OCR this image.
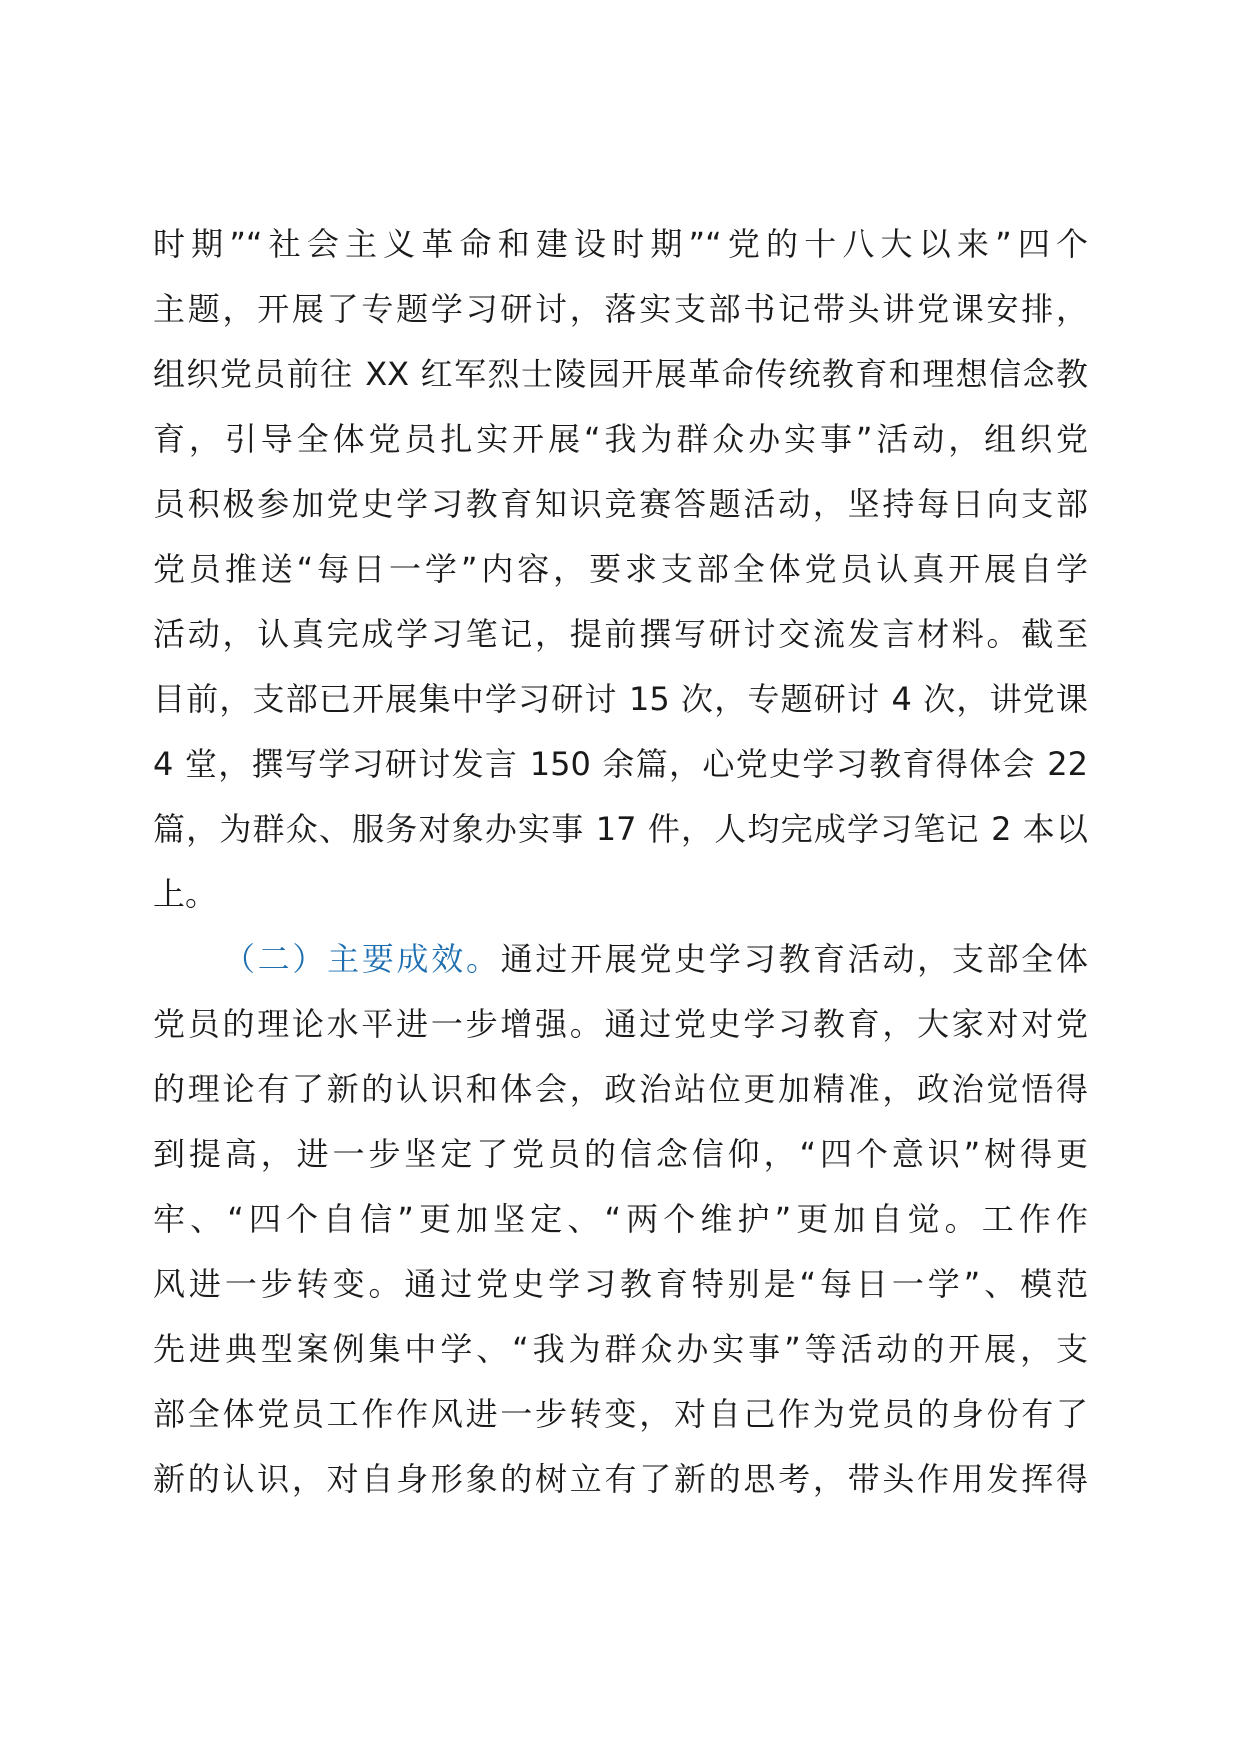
时期”“社会主义革命和建设时期”“党的十八大以来”四个
主题，开展了专题学习研讨，落实支部书记带头讲党课安排，
组织党员前往 XX 红军烈士陵园开展革命传统教育和理想信念教
育，引导全体党员扎实开展“我为群众办实事”活动，组织党
员积极参加党史学习教育知识竞赛答题活动，坚持每日向支部
党员推送“每日一学”内容，要求支部全体党员认真开展自学
活动，认真完成学习笔记，提前撰写研讨交流发言材料。截至
目前，支部已开展集中学习研讨 15 次，专题研讨 4 次，讲党课
4 堂，撰写学习研讨发言 150 余篇，心党史学习教育得体会 22
篇，为群众、服务对象办实事 17 件，人均完成学习笔记 2 本以
上。
（二）主要成效。通过开展党史学习教育活动，支部全体
党员的理论水平进一步增强。通过党史学习教育，大家对对党
的理论有了新的认识和体会，政治站位更加精准，政治觉悟得
到提高，进一步坚定了党员的信念信仰，“四个意识”树得更
牢、“四个自信”更加坚定、“两个维护”更加自觉。工作作
风进一步转变。通过党史学习教育特别是“每日一学”、模范
先进典型案例集中学、“我为群众办实事”等活动的开展，支
部全体党员工作作风进一步转变，对自己作为党员的身份有了
新的认识，对自身形象的树立有了新的思考，带头作用发挥得
